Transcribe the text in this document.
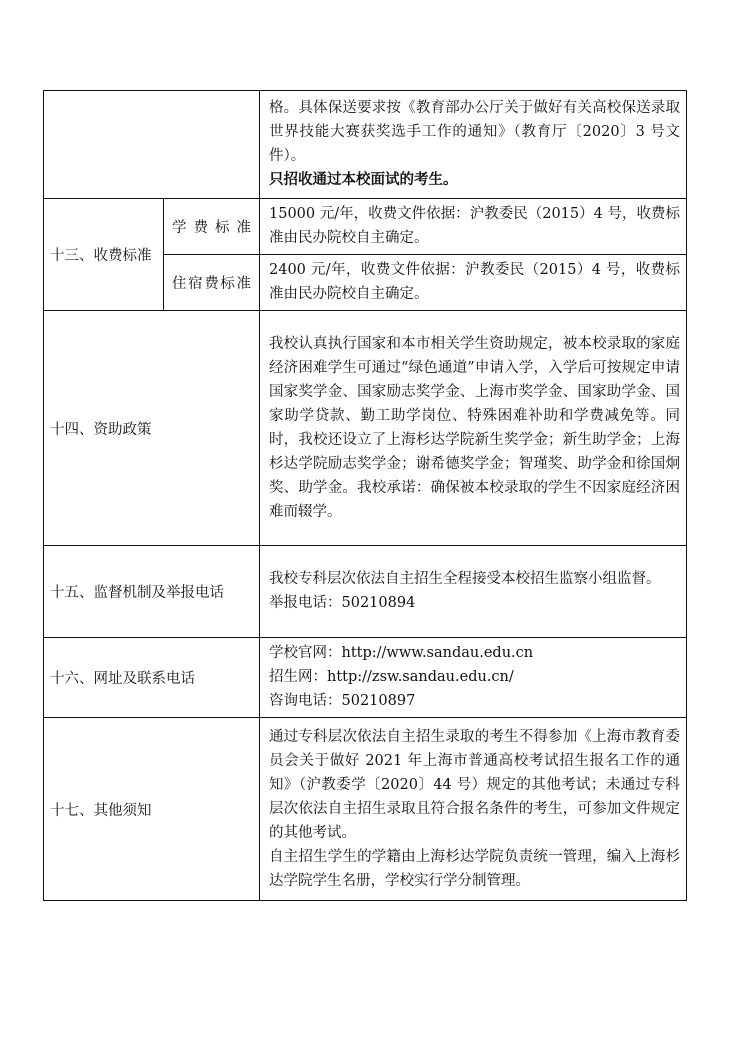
		格。具体保送要求按《教育部办公厅关于做好有关高校保送录取世界技能大赛获奖选手工作的通知》（教育厅〔2020〕3 号文件）。

只招收通过本校面试的考生。

十三、收费标准	学费标准	15000 元/年，收费文件依据：沪教委民（2015）4 号，收费标准由民办院校自主确定。
	住宿费标准	2400 元/年，收费文件依据：沪教委民（2015）4 号，收费标准由民办院校自主确定。
十四、资助政策		我校认真执行国家和本市相关学生资助规定，被本校录取的家庭经济困难学生可通过“绿色通道”申请入学，入学后可按规定申请国家奖学金、国家励志奖学金、上海市奖学金、国家助学金、国家助学贷款、勤工助学岗位、特殊困难补助和学费减免等。同时，我校还设立了上海杉达学院新生奖学金；新生助学金；上海杉达学院励志奖学金；谢希德奖学金；智瑾奖、助学金和徐国炯奖、助学金。我校承诺：确保被本校录取的学生不因家庭经济困难而辍学。
十五、监督机制及举报电话		我校专科层次依法自主招生全程接受本校招生监察小组监督。

举报电话：50210894

十六、网址及联系电话		学校官网：http://www.sandau.edu.cn

招生网：http://zsw.sandau.edu.cn/

咨询电话：50210897

十七、其他须知		通过专科层次依法自主招生录取的考生不得参加《上海市教育委员会关于做好 2021 年上海市普通高校考试招生报名工作的通知》（沪教委学〔2020〕44 号）规定的其他考试；未通过专科层次依法自主招生录取且符合报名条件的考生，可参加文件规定的其他考试。

自主招生学生的学籍由上海杉达学院负责统一管理，编入上海杉达学院学生名册，学校实行学分制管理。
